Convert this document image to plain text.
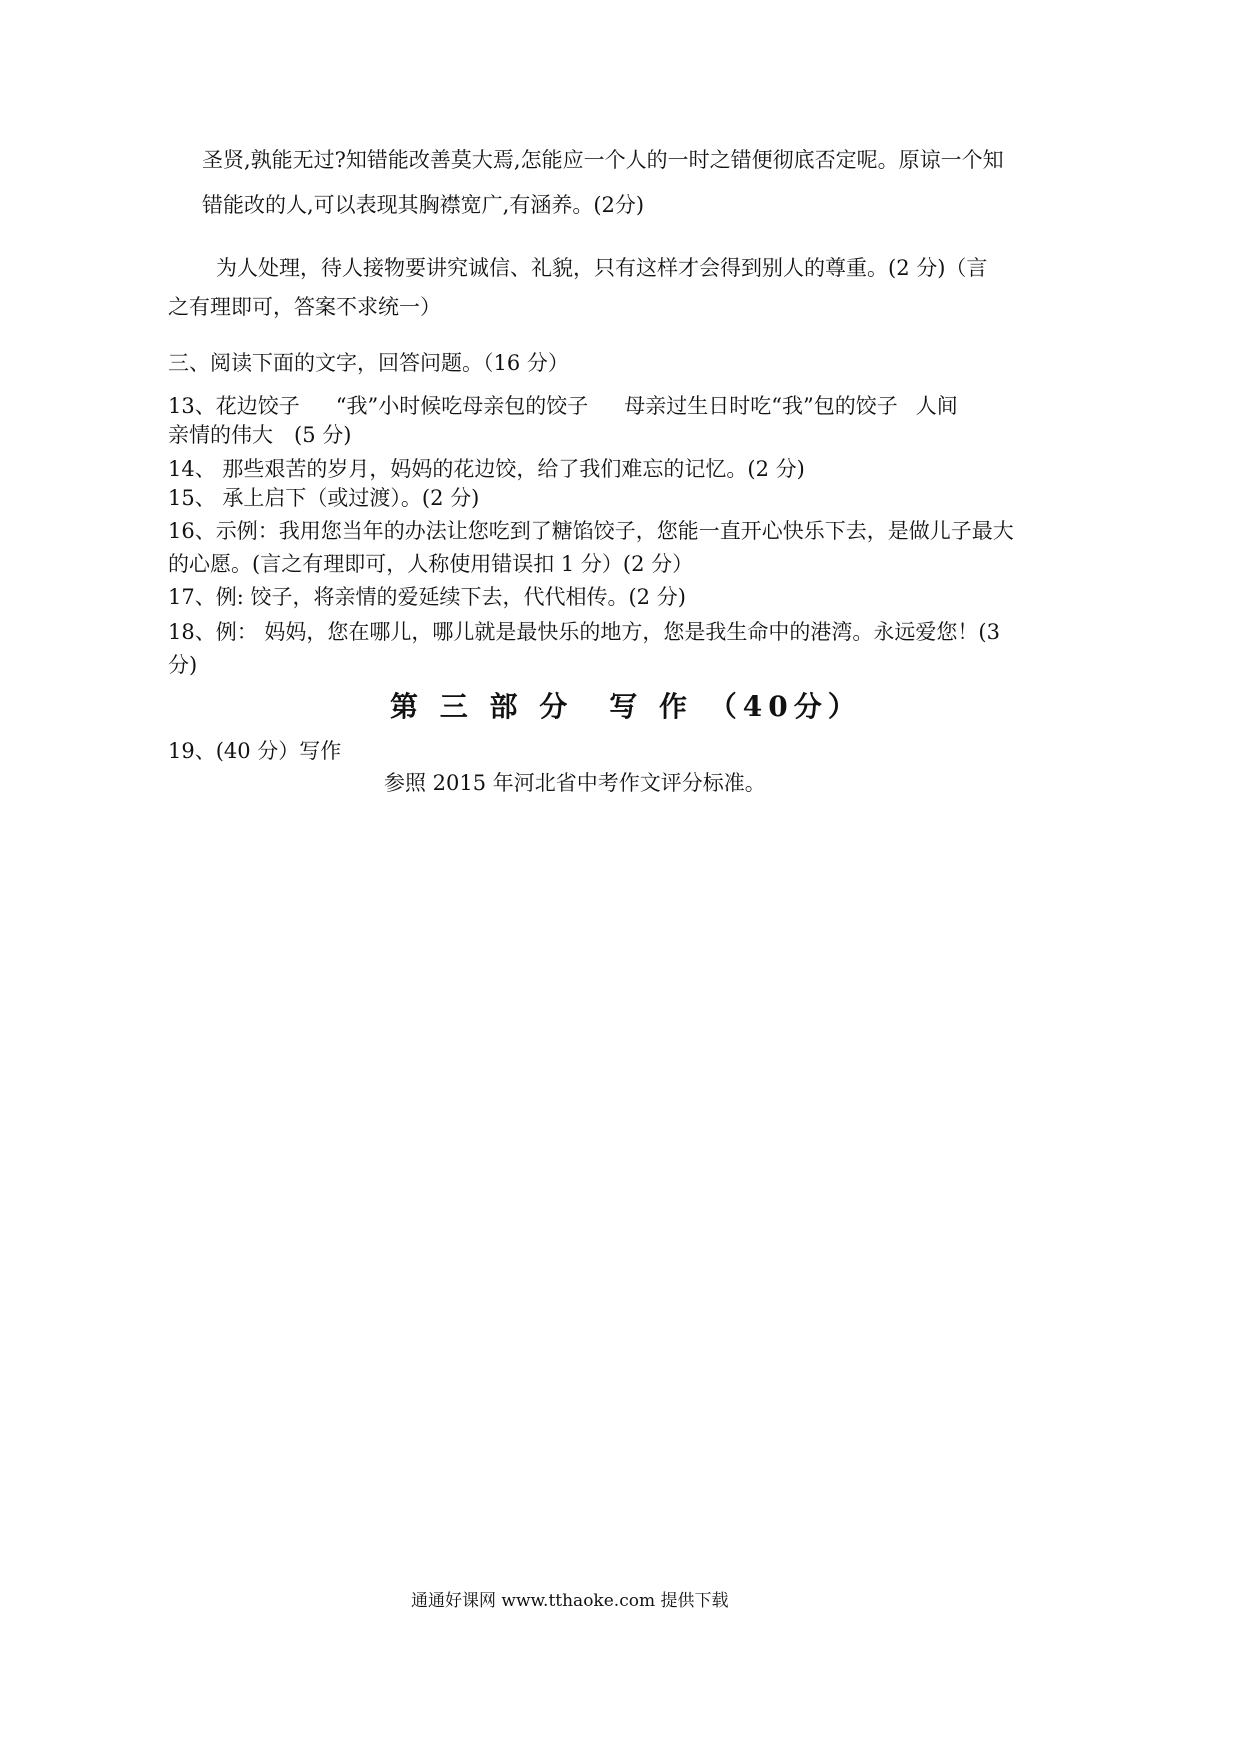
圣贤,孰能无过?知错能改善莫大焉,怎能应一个人的一时之错便彻底否定呢。原谅一个知

错能改的人,可以表现其胸襟宽广,有涵养。(2分)

为人处理，待人接物要讲究诚信、礼貌，只有这样才会得到别人的尊重。(2 分)（言

之有理即可，答案不求统一）

三、阅读下面的文字，回答问题。（16 分）

13、花边饺子 “我”小时候吃母亲包的饺子 母亲过生日时吃“我”包的饺子 人间

亲情的伟大　(5 分)

14、 那些艰苦的岁月，妈妈的花边饺，给了我们难忘的记忆。(2 分)

15、 承上启下（或过渡）。(2 分)

16、示例：我用您当年的办法让您吃到了糖馅饺子，您能一直开心快乐下去，是做儿子最大

的心愿。(言之有理即可，人称使用错误扣 1 分）(2 分）

17、例: 饺子，将亲情的爱延续下去，代代相传。(2 分)

18、例： 妈妈，您在哪儿，哪儿就是最快乐的地方，您是我生命中的港湾。永远爱您！(3

分)

第 三 部 分 写 作 （40分）

19、(40 分）写作

参照 2015 年河北省中考作文评分标准。

通通好课网 www.tthaoke.com 提供下载
